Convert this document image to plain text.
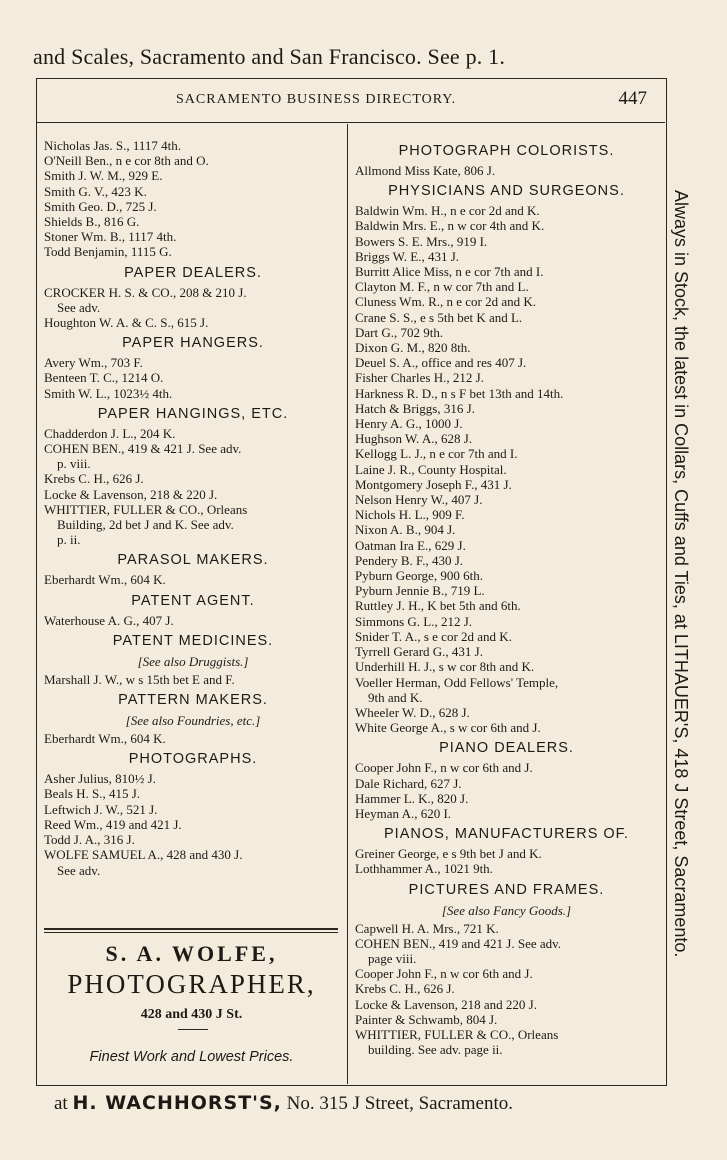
and Scales, Sacramento and San Francisco. See p. 1.
Always in Stock, the latest in Collars, Cuffs and Ties, at LITHAUER'S, 418 J Street, Sacramento.
SACRAMENTO BUSINESS DIRECTORY.	447
Nicholas Jas. S., 1117 4th.
O'Neill Ben., n e cor 8th and O.
Smith J. W. M., 929 E.
Smith G. V., 423 K.
Smith Geo. D., 725 J.
Shields B., 816 G.
Stoner Wm. B., 1117 4th.
Todd Benjamin, 1115 G.
PAPER DEALERS.
CROCKER H. S. & CO., 208 & 210 J.
See adv.
Houghton W. A. & C. S., 615 J.
PAPER HANGERS.
Avery Wm., 703 F.
Benteen T. C., 1214 O.
Smith W. L., 1023½ 4th.
PAPER HANGINGS, ETC.
Chadderdon J. L., 204 K.
COHEN BEN., 419 & 421 J. See adv.
p. viii.
Krebs C. H., 626 J.
Locke & Lavenson, 218 & 220 J.
WHITTIER, FULLER & CO., Orleans
Building, 2d bet J and K. See adv.
p. ii.
PARASOL MAKERS.
Eberhardt Wm., 604 K.
PATENT AGENT.
Waterhouse A. G., 407 J.
PATENT MEDICINES.
[See also Druggists.]
Marshall J. W., w s 15th bet E and F.
PATTERN MAKERS.
[See also Foundries, etc.]
Eberhardt Wm., 604 K.
PHOTOGRAPHS.
Asher Julius, 810½ J.
Beals H. S., 415 J.
Leftwich J. W., 521 J.
Reed Wm., 419 and 421 J.
Todd J. A., 316 J.
WOLFE SAMUEL A., 428 and 430 J.
See adv.
PHOTOGRAPH COLORISTS.
Allmond Miss Kate, 806 J.
PHYSICIANS AND SURGEONS.
Baldwin Wm. H., n e cor 2d and K.
Baldwin Mrs. E., n w cor 4th and K.
Bowers S. E. Mrs., 919 I.
Briggs W. E., 431 J.
Burritt Alice Miss, n e cor 7th and I.
Clayton M. F., n w cor 7th and L.
Cluness Wm. R., n e cor 2d and K.
Crane S. S., e s 5th bet K and L.
Dart G., 702 9th.
Dixon G. M., 820 8th.
Deuel S. A., office and res 407 J.
Fisher Charles H., 212 J.
Harkness R. D., n s F bet 13th and 14th.
Hatch & Briggs, 316 J.
Henry A. G., 1000 J.
Hughson W. A., 628 J.
Kellogg L. J., n e cor 7th and I.
Laine J. R., County Hospital.
Montgomery Joseph F., 431 J.
Nelson Henry W., 407 J.
Nichols H. L., 909 F.
Nixon A. B., 904 J.
Oatman Ira E., 629 J.
Pendery B. F., 430 J.
Pyburn George, 900 6th.
Pyburn Jennie B., 719 L.
Ruttley J. H., K bet 5th and 6th.
Simmons G. L., 212 J.
Snider T. A., s e cor 2d and K.
Tyrrell Gerard G., 431 J.
Underhill H. J., s w cor 8th and K.
Voeller Herman, Odd Fellows' Temple,
9th and K.
Wheeler W. D., 628 J.
White George A., s w cor 6th and J.
PIANO DEALERS.
Cooper John F., n w cor 6th and J.
Dale Richard, 627 J.
Hammer L. K., 820 J.
Heyman A., 620 I.
PIANOS, MANUFACTURERS OF.
Greiner George, e s 9th bet J and K.
Lothhammer A., 1021 9th.
PICTURES AND FRAMES.
[See also Fancy Goods.]
Capwell H. A. Mrs., 721 K.
COHEN BEN., 419 and 421 J. See adv.
page viii.
Cooper John F., n w cor 6th and J.
Krebs C. H., 626 J.
Locke & Lavenson, 218 and 220 J.
Painter & Schwamb, 804 J.
WHITTIER, FULLER & CO., Orleans
building. See adv. page ii.
S. A. WOLFE,
PHOTOGRAPHER,
428 and 430 J St.
Finest Work and Lowest Prices.
at H. WACHHORST'S, No. 315 J Street, Sacramento.
